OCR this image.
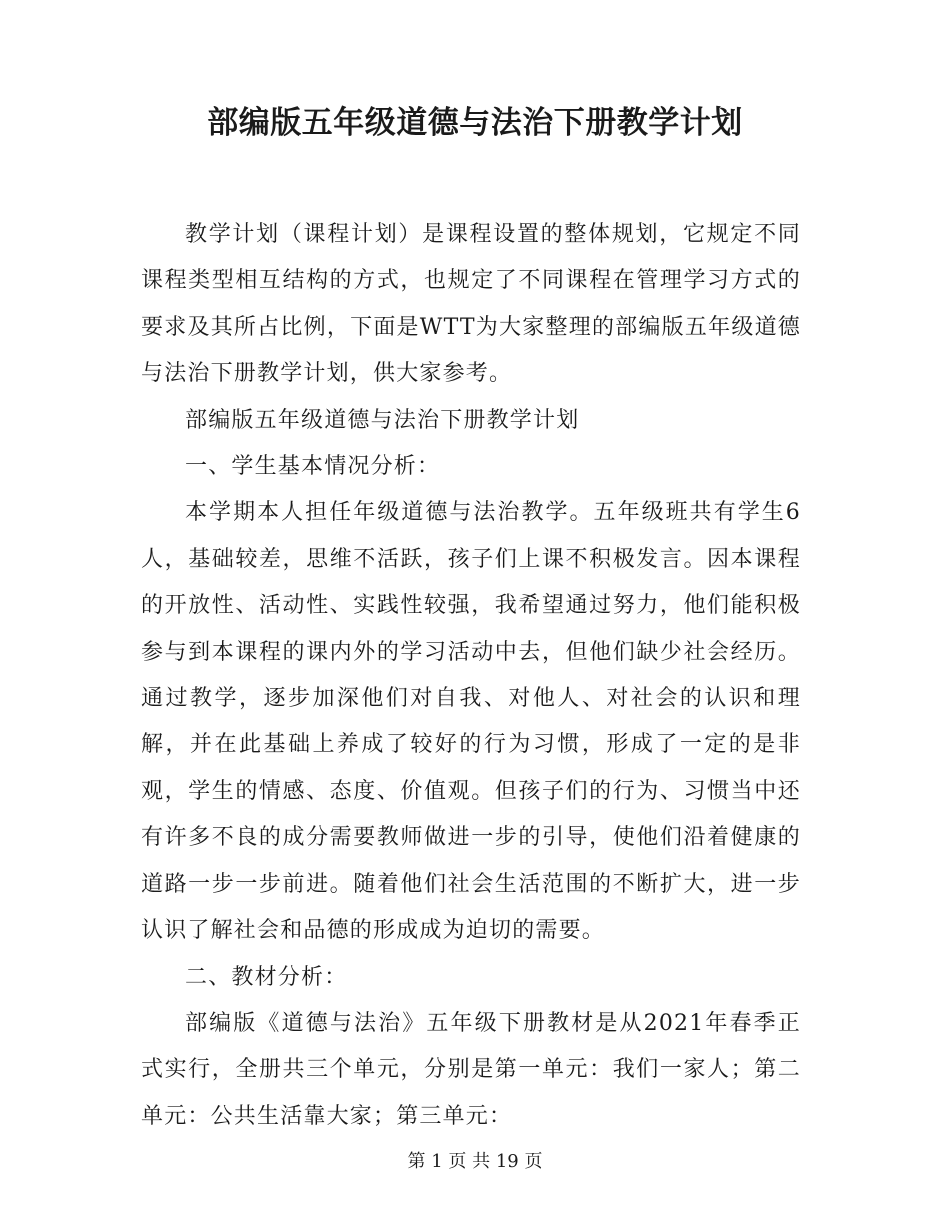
部编版五年级道德与法治下册教学计划

教学计划（课程计划）是课程设置的整体规划，它规定不同课程类型相互结构的方式，也规定了不同课程在管理学习方式的要求及其所占比例，下面是WTT为大家整理的部编版五年级道德与法治下册教学计划，供大家参考。

部编版五年级道德与法治下册教学计划

一、学生基本情况分析：

本学期本人担任年级道德与法治教学。五年级班共有学生6人，基础较差，思维不活跃，孩子们上课不积极发言。因本课程的开放性、活动性、实践性较强，我希望通过努力，他们能积极参与到本课程的课内外的学习活动中去，但他们缺少社会经历。通过教学，逐步加深他们对自我、对他人、对社会的认识和理解，并在此基础上养成了较好的行为习惯，形成了一定的是非观，学生的情感、态度、价值观。但孩子们的行为、习惯当中还有许多不良的成分需要教师做进一步的引导，使他们沿着健康的道路一步一步前进。随着他们社会生活范围的不断扩大，进一步认识了解社会和品德的形成成为迫切的需要。

二、教材分析：

部编版《道德与法治》五年级下册教材是从2021年春季正式实行，全册共三个单元，分别是第一单元：我们一家人；第二单元：公共生活靠大家；第三单元：

第 1 页 共 19 页
